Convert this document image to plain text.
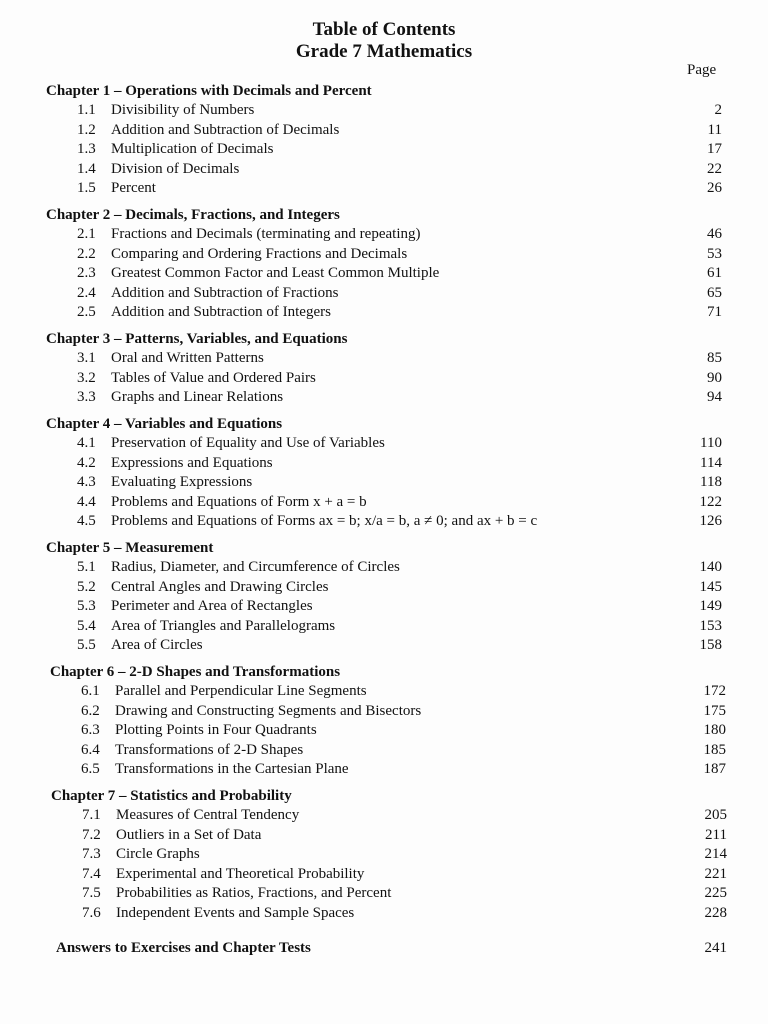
Table of Contents
Grade 7 Mathematics
Page
Chapter 1 – Operations with Decimals and Percent
1.1 Divisibility of Numbers	2
1.2 Addition and Subtraction of Decimals	11
1.3 Multiplication of Decimals	17
1.4 Division of Decimals	22
1.5 Percent	26
Chapter 2 – Decimals, Fractions, and Integers
2.1 Fractions and Decimals (terminating and repeating)	46
2.2 Comparing and Ordering Fractions and Decimals	53
2.3 Greatest Common Factor and Least Common Multiple	61
2.4 Addition and Subtraction of Fractions	65
2.5 Addition and Subtraction of Integers	71
Chapter 3 – Patterns, Variables, and Equations
3.1 Oral and Written Patterns	85
3.2 Tables of Value and Ordered Pairs	90
3.3 Graphs and Linear Relations	94
Chapter 4 – Variables and Equations
4.1 Preservation of Equality and Use of Variables	110
4.2 Expressions and Equations	114
4.3 Evaluating Expressions	118
4.4 Problems and Equations of Form x + a = b	122
4.5 Problems and Equations of Forms ax = b; x/a = b, a ≠ 0; and ax + b = c	126
Chapter 5 – Measurement
5.1 Radius, Diameter, and Circumference of Circles	140
5.2 Central Angles and Drawing Circles	145
5.3 Perimeter and Area of Rectangles	149
5.4 Area of Triangles and Parallelograms	153
5.5 Area of Circles	158
Chapter 6 – 2-D Shapes and Transformations
6.1 Parallel and Perpendicular Line Segments	172
6.2 Drawing and Constructing Segments and Bisectors	175
6.3 Plotting Points in Four Quadrants	180
6.4 Transformations of 2-D Shapes	185
6.5 Transformations in the Cartesian Plane	187
Chapter 7 – Statistics and Probability
7.1 Measures of Central Tendency	205
7.2 Outliers in a Set of Data	211
7.3 Circle Graphs	214
7.4 Experimental and Theoretical Probability	221
7.5 Probabilities as Ratios, Fractions, and Percent	225
7.6 Independent Events and Sample Spaces	228
Answers to Exercises and Chapter Tests	241
